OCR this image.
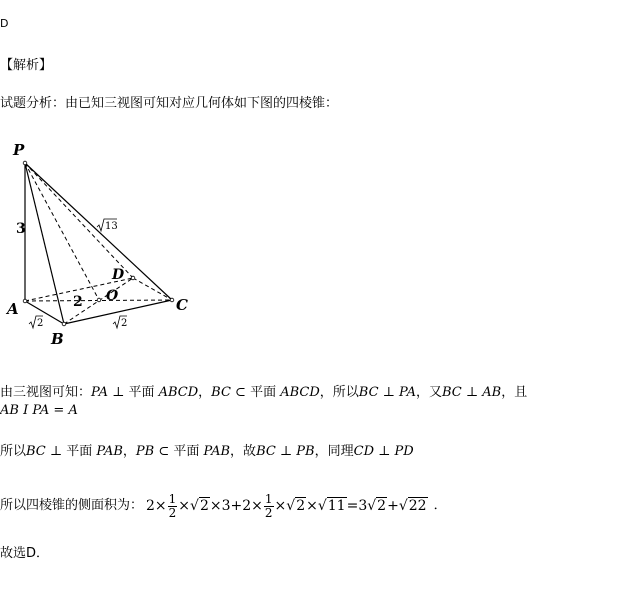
D
【解析】
试题分析：由已知三视图可知对应几何体如下图的四棱锥：
P
A
B
C
D
O
3
2
13
2	2
由三视图可知：PA ⊥ 平面 ABCD，BC ⊂ 平面 ABCD，所以BC ⊥ PA，又BC ⊥ AB，且
AB I PA = A
所以BC ⊥ 平面 PAB，PB ⊂ 平面 PAB，故BC ⊥ PB，同理CD ⊥ PD
所以四棱锥的侧面积为： $2\times \frac{1}{2} \times √2 \times 3+2\times \frac{1}{2} \times √2 \times √11 =3$ √2 + √22 ．
故选D．
